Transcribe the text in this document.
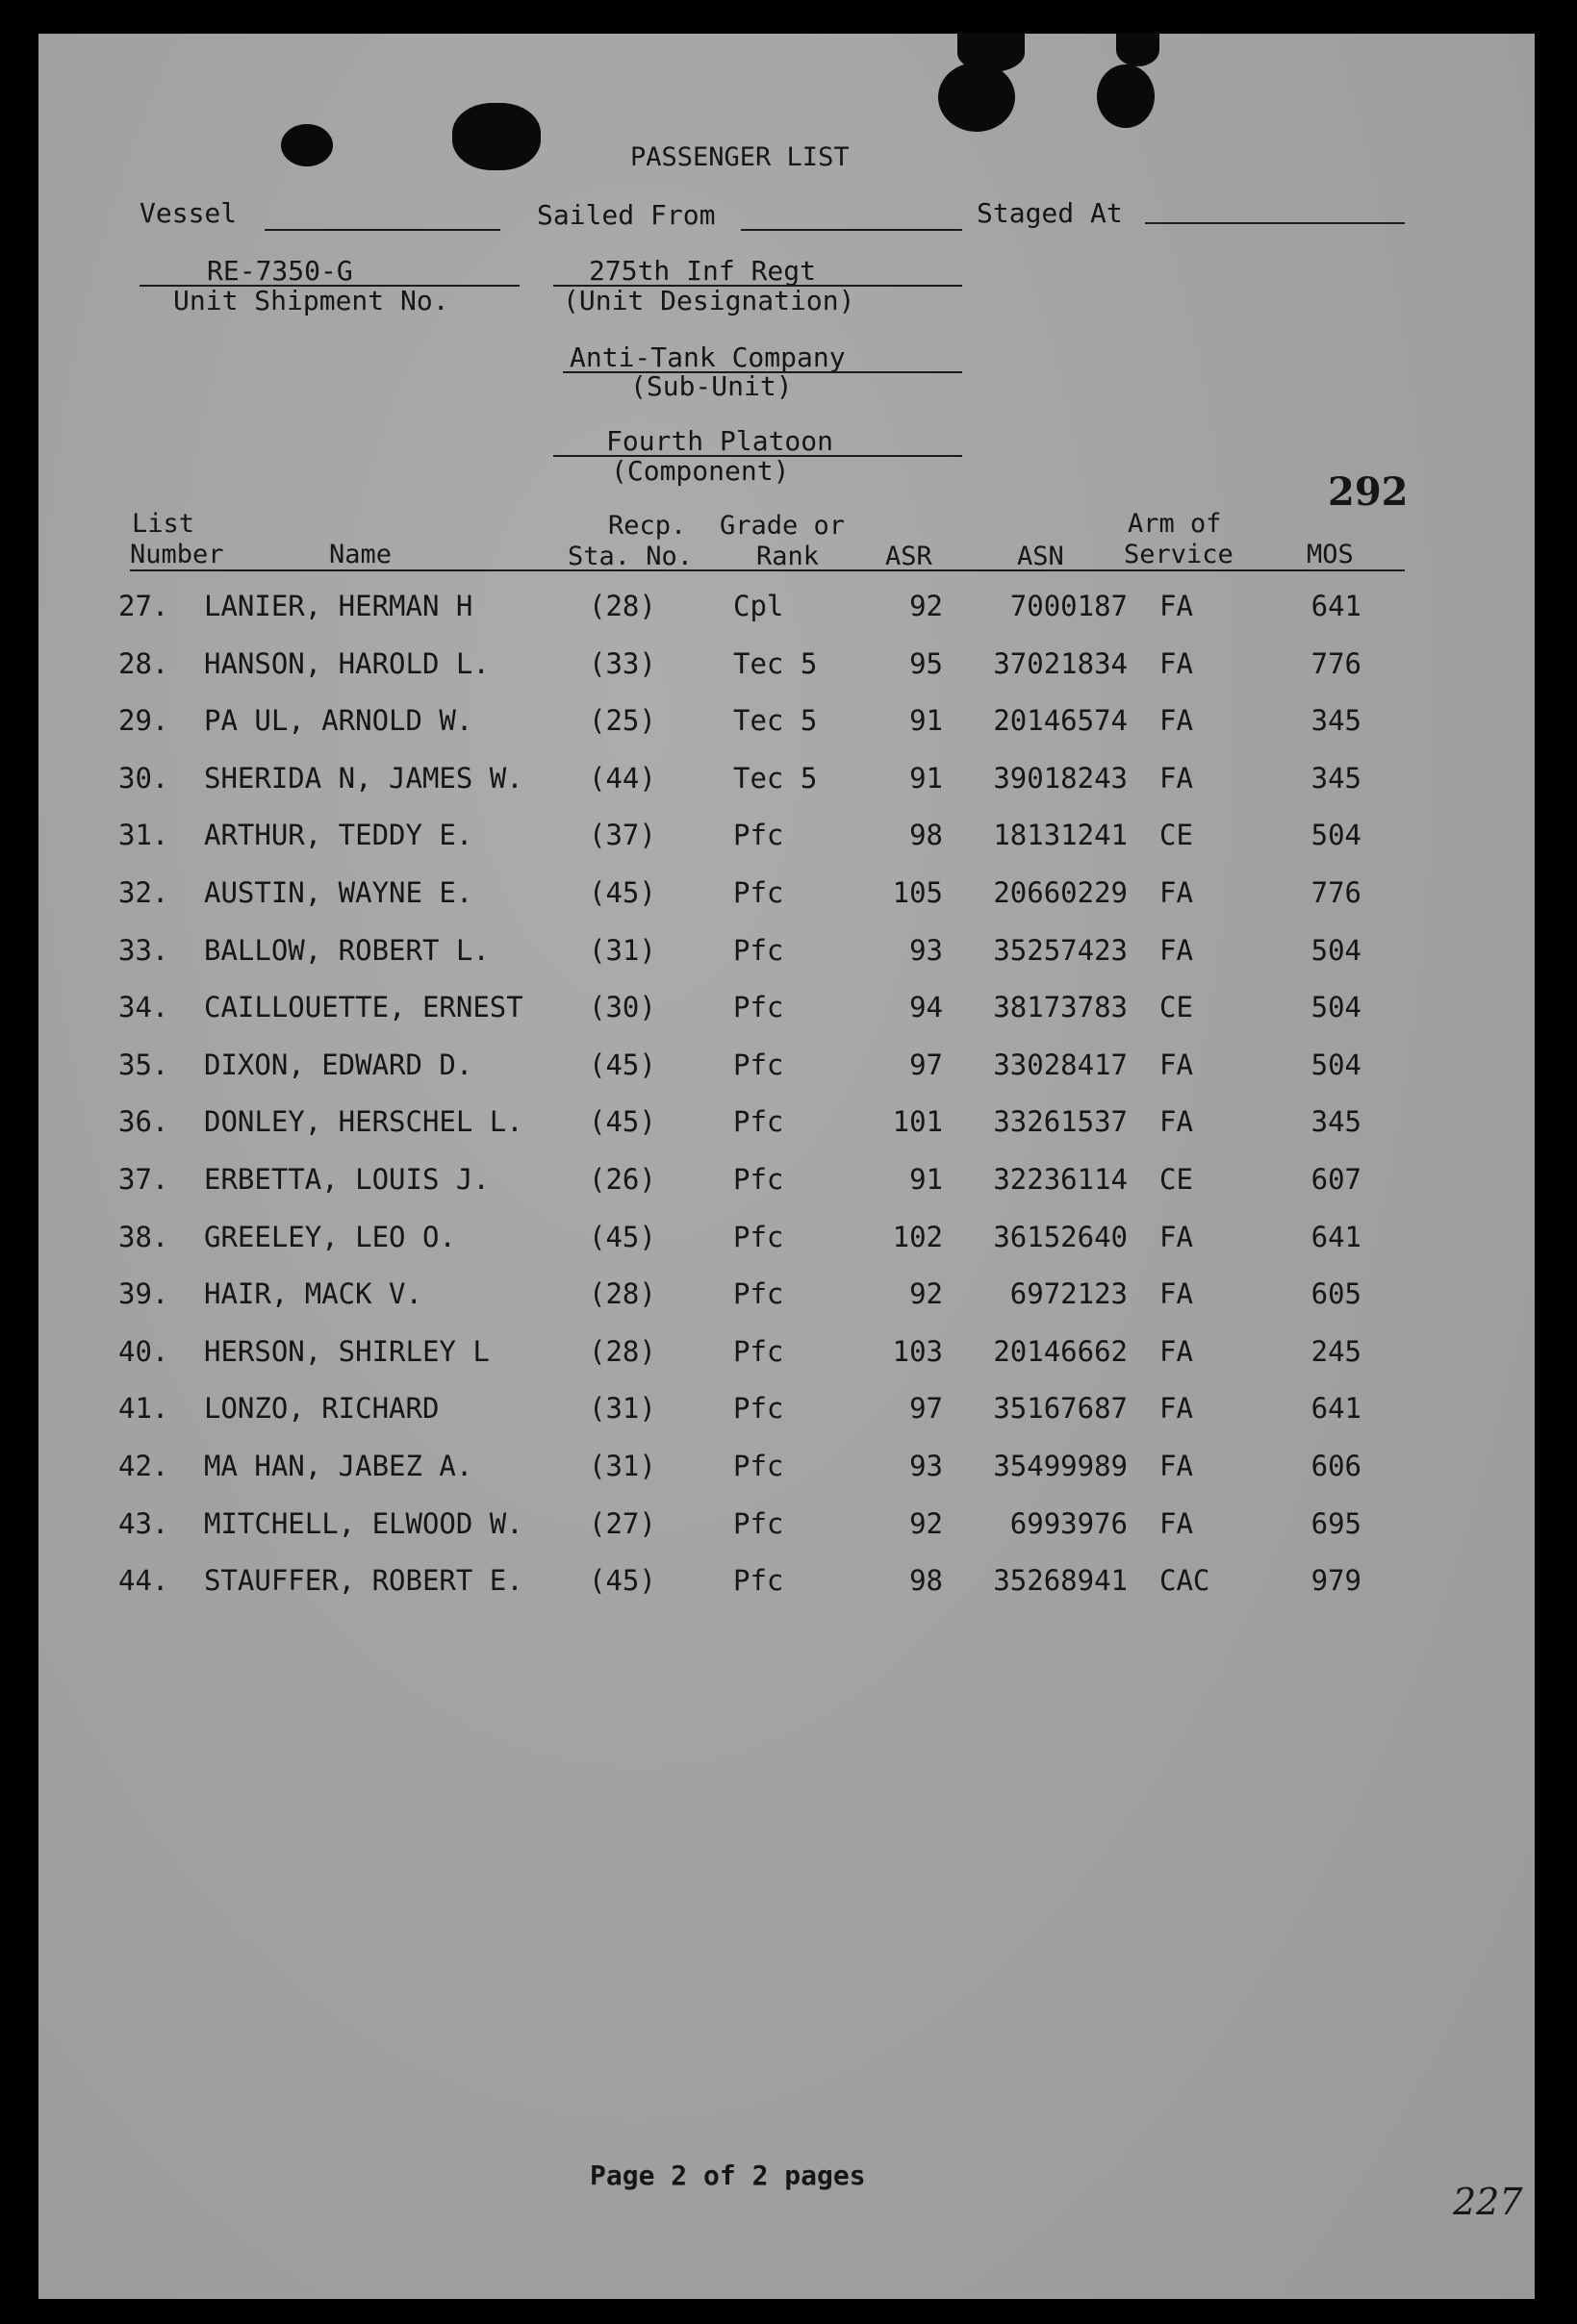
PASSENGER LIST
Vessel	Sailed From	Staged At
RE-7350-G
Unit Shipment No.
275th Inf Regt
(Unit Designation)
Anti-Tank Company
(Sub-Unit)
Fourth Platoon
(Component)	292
List
Number	Name
Recp.
Sta. No.
Grade or
Rank	ASR	ASN
Arm of
Service	MOS
27. LANIER, HERMAN H	(28)	Cpl	92	7000187 FA	641
28. HANSON, HAROLD L.	(33)	Tec 5	95	37021834 FA	776
29. PA UL, ARNOLD W.	(25)	Tec 5	91	20146574 FA	345
30. SHERIDA N, JAMES W. (44)	Tec 5	91	39018243 FA	345
31. ARTHUR, TEDDY E.	(37)	Pfc	98	18131241 CE	504
32. AUSTIN, WAYNE E.	(45)	Pfc	105	20660229 FA	776
33. BALLOW, ROBERT L.	(31)	Pfc	93	35257423 FA	504
34. CAILLOUETTE, ERNEST (30)	Pfc	94	38173783 CE	504
35. DIXON, EDWARD D.	(45)	Pfc	97	33028417 FA	504
36. DONLEY, HERSCHEL L. (45)	Pfc	101	33261537 FA	345
37. ERBETTA, LOUIS J.	(26)	Pfc	91	32236114 CE	607
38. GREELEY, LEO O.	(45)	Pfc	102	36152640 FA	641
39. HAIR, MACK V.	(28)	Pfc	92	6972123 FA	605
40. HERSON, SHIRLEY L	(28)	Pfc	103	20146662 FA	245
41. LONZO, RICHARD	(31)	Pfc	97	35167687 FA	641
42. MA HAN, JABEZ A.	(31)	Pfc	93	35499989 FA	606
43. MITCHELL, ELWOOD W. (27)	Pfc	92	6993976 FA	695
44. STAUFFER, ROBERT E. (45)	Pfc	98	35268941 CAC	979
Page 2 of 2 pages
227
